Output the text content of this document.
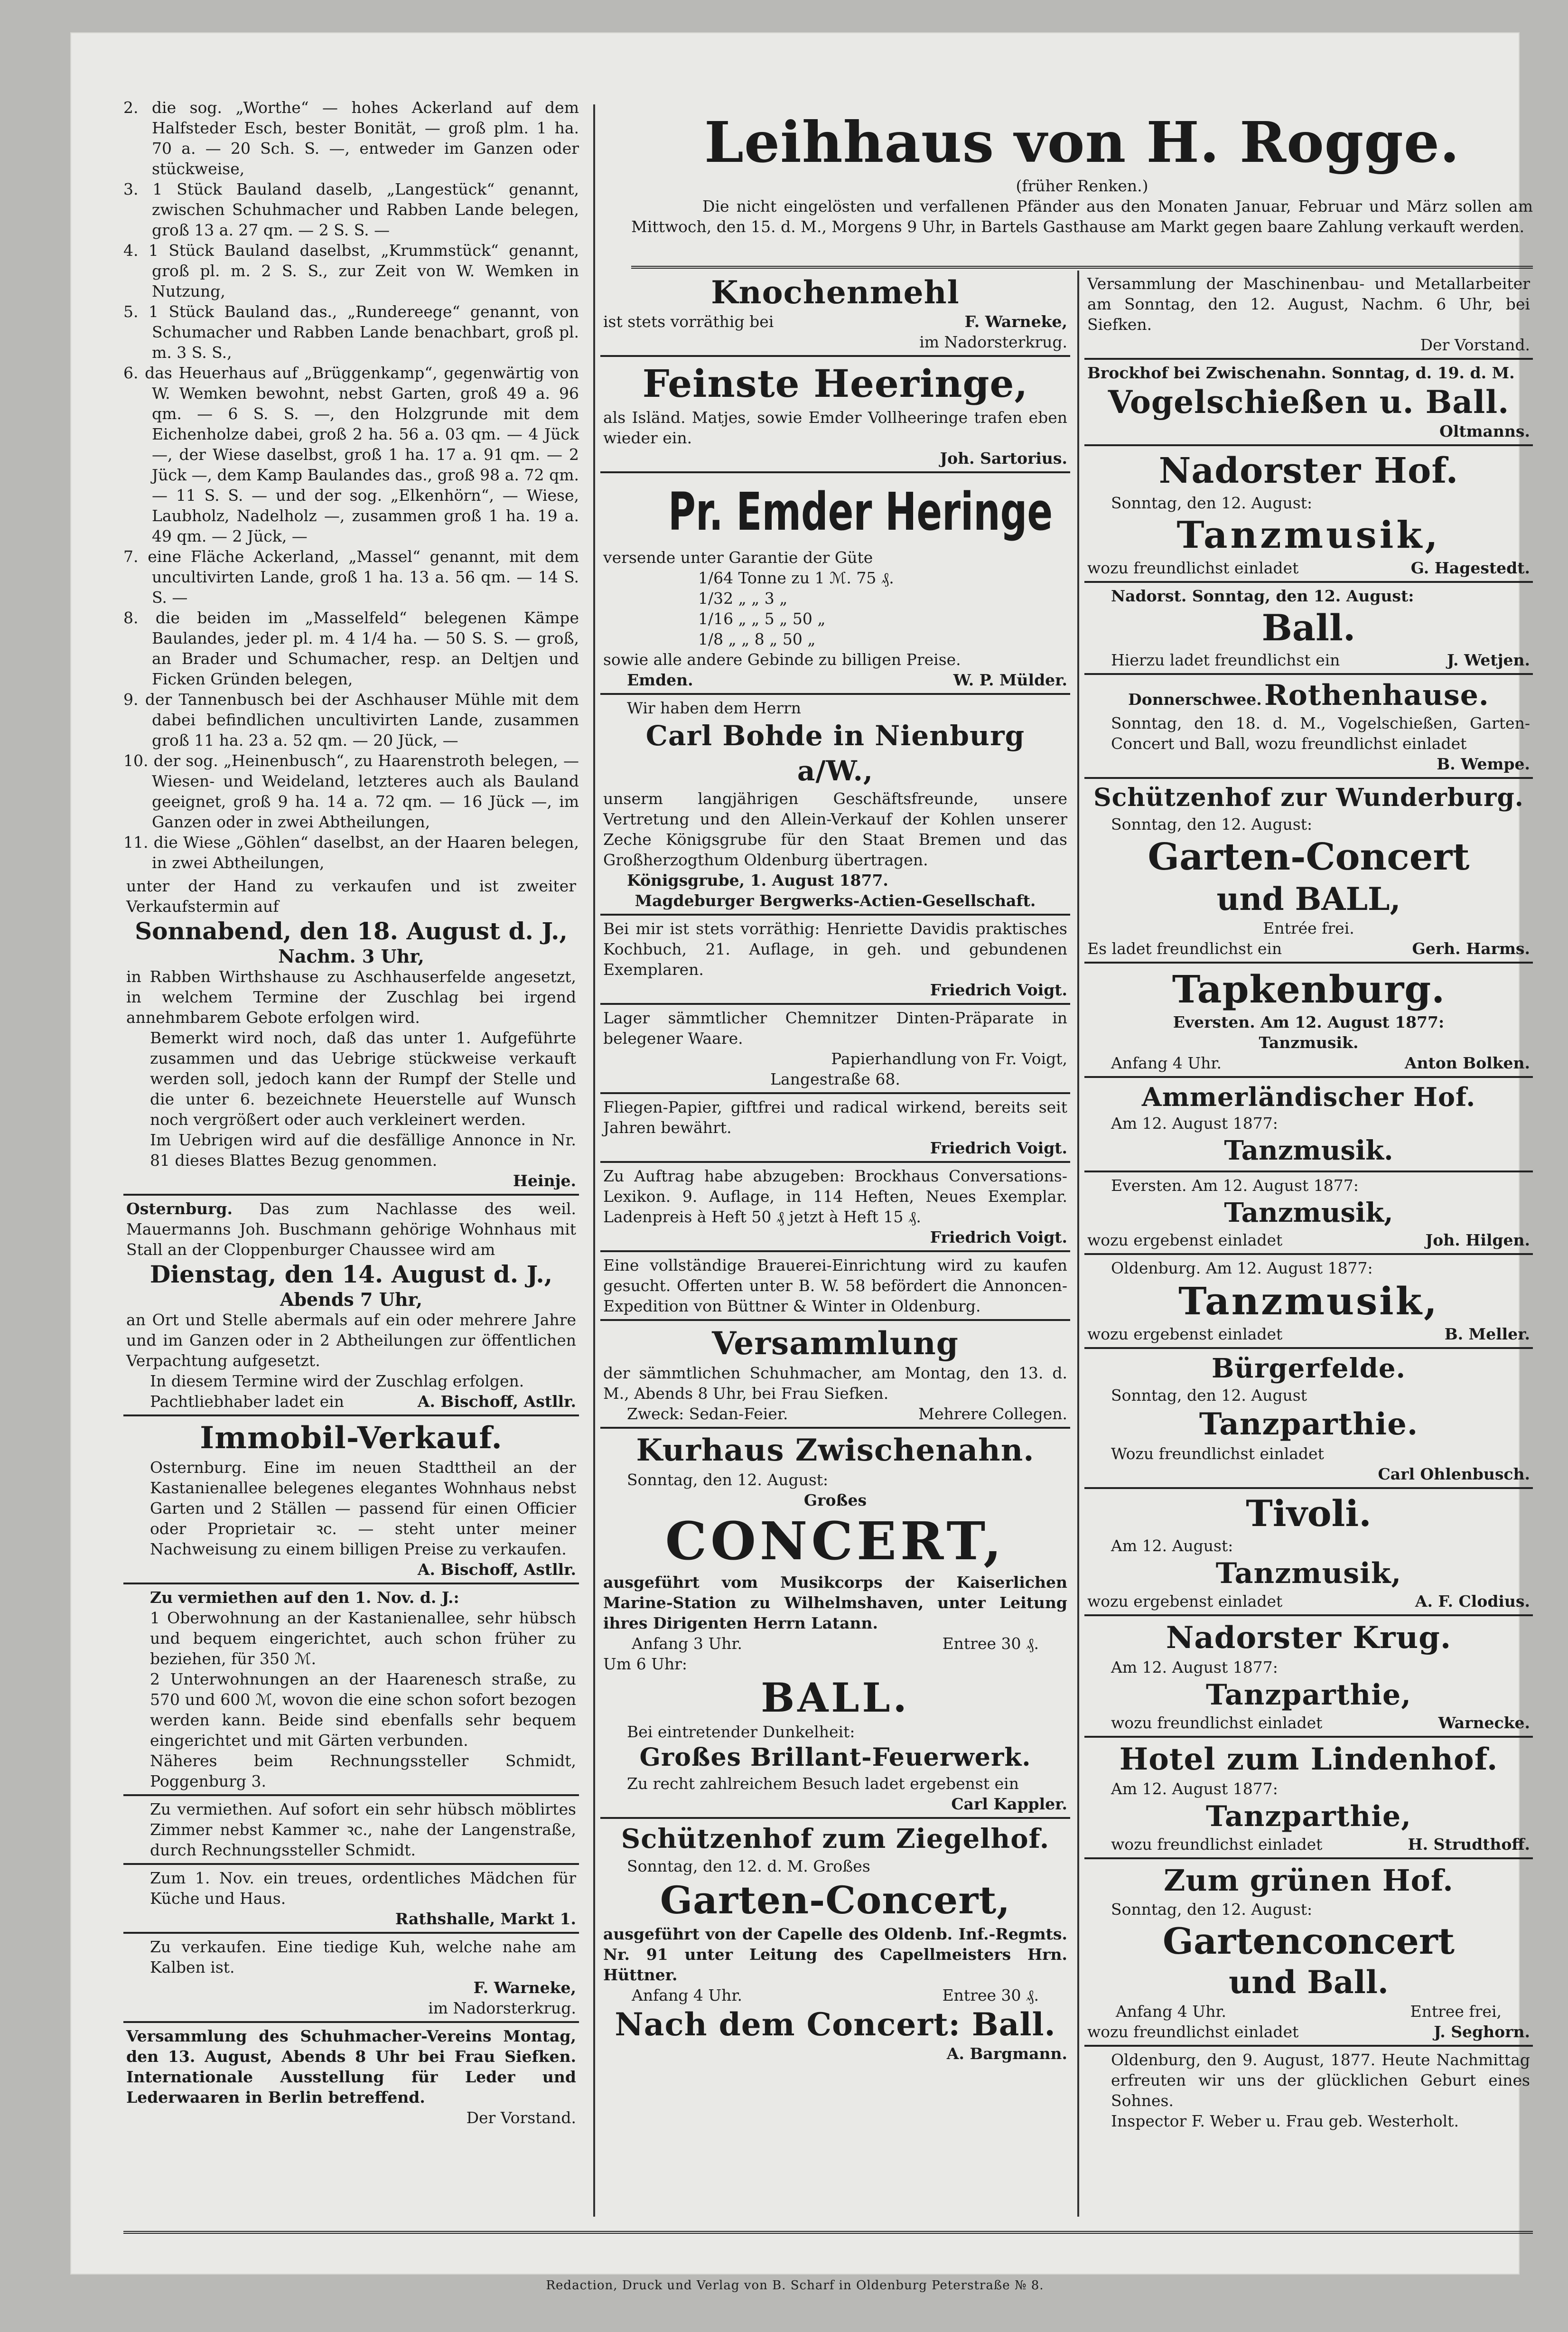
Leihhaus von H. Rogge.

(früher Renken.)

Die nicht eingelösten und verfallenen Pfänder aus den Monaten Januar, Februar und März sollen am Mittwoch, den 15. d. M., Morgens 9 Uhr, in Bartels Gasthause am Markt gegen baare Zahlung verkauft werden.

2. die sog. „Worthe“ — hohes Ackerland auf dem Halfsteder Esch, bester Bonität, — groß plm. 1 ha. 70 a. — 20 Sch. S. —, entweder im Ganzen oder stückweise,

3. 1 Stück Bauland daselb, „Langestück“ genannt, zwischen Schuhmacher und Rabben Lande belegen, groß 13 a. 27 qm. — 2 S. S. —

4. 1 Stück Bauland daselbst, „Krummstück“ genannt, groß pl. m. 2 S. S., zur Zeit von W. Wemken in Nutzung,

5. 1 Stück Bauland das., „Rundereege“ genannt, von Schumacher und Rabben Lande benachbart, groß pl. m. 3 S. S.,

6. das Heuerhaus auf „Brüggenkamp“, gegenwärtig von W. Wemken bewohnt, nebst Garten, groß 49 a. 96 qm. — 6 S. S. —, den Holzgrunde mit dem Eichenholze dabei, groß 2 ha. 56 a. 03 qm. — 4 Jück —, der Wiese daselbst, groß 1 ha. 17 a. 91 qm. — 2 Jück —, dem Kamp Baulandes das., groß 98 a. 72 qm. — 11 S. S. — und der sog. „Elkenhörn“, — Wiese, Laubholz, Nadelholz —, zusammen groß 1 ha. 19 a. 49 qm. — 2 Jück, —

7. eine Fläche Ackerland, „Massel“ genannt, mit dem uncultivirten Lande, groß 1 ha. 13 a. 56 qm. — 14 S. S. —

8. die beiden im „Masselfeld“ belegenen Kämpe Baulandes, jeder pl. m. 4 1/4 ha. — 50 S. S. — groß, an Brader und Schumacher, resp. an Deltjen und Ficken Gründen belegen,

9. der Tannenbusch bei der Aschhauser Mühle mit dem dabei befindlichen uncultivirten Lande, zusammen groß 11 ha. 23 a. 52 qm. — 20 Jück, —

10. der sog. „Heinenbusch“, zu Haarenstroth belegen, — Wiesen- und Weideland, letzteres auch als Bauland geeignet, groß 9 ha. 14 a. 72 qm. — 16 Jück —, im Ganzen oder in zwei Abtheilungen,

11. die Wiese „Göhlen“ daselbst, an der Haaren belegen, in zwei Abtheilungen,

unter der Hand zu verkaufen und ist zweiter Verkaufstermin auf

Sonnabend, den 18. August d. J.,

Nachm. 3 Uhr,

in Rabben Wirthshause zu Aschhauserfelde angesetzt, in welchem Termine der Zuschlag bei irgend annehmbarem Gebote erfolgen wird.

Bemerkt wird noch, daß das unter 1. Aufgeführte zusammen und das Uebrige stückweise verkauft werden soll, jedoch kann der Rumpf der Stelle und die unter 6. bezeichnete Heuerstelle auf Wunsch noch vergrößert oder auch verkleinert werden.

Im Uebrigen wird auf die desfällige Annonce in Nr. 81 dieses Blattes Bezug genommen.

Heinje.

Osternburg. Das zum Nachlasse des weil. Mauermanns Joh. Buschmann gehörige Wohnhaus mit Stall an der Cloppenburger Chaussee wird am

Dienstag, den 14. August d. J.,

Abends 7 Uhr,

an Ort und Stelle abermals auf ein oder mehrere Jahre und im Ganzen oder in 2 Abtheilungen zur öffentlichen Verpachtung aufgesetzt.

In diesem Termine wird der Zuschlag erfolgen.

Pachtliebhaber ladet ein	A. Bischoff, Astllr.

Immobil-Verkauf.

Osternburg. Eine im neuen Stadttheil an der Kastanienallee belegenes elegantes Wohnhaus nebst Garten und 2 Ställen — passend für einen Officier oder Proprietair ꝛc. — steht unter meiner Nachweisung zu einem billigen Preise zu verkaufen.

A. Bischoff, Astllr.

Zu vermiethen auf den 1. Nov. d. J.:

1 Oberwohnung an der Kastanienallee, sehr hübsch und bequem eingerichtet, auch schon früher zu beziehen, für 350 ℳ.

2 Unterwohnungen an der Haarenesch straße, zu 570 und 600 ℳ, wovon die eine schon sofort bezogen werden kann. Beide sind ebenfalls sehr bequem eingerichtet und mit Gärten verbunden.

Näheres beim Rechnungssteller Schmidt, Poggenburg 3.

Zu vermiethen. Auf sofort ein sehr hübsch möblirtes Zimmer nebst Kammer ꝛc., nahe der Langenstraße, durch Rechnungssteller Schmidt.

Zum 1. Nov. ein treues, ordentliches Mädchen für Küche und Haus.

Rathshalle, Markt 1.

Zu verkaufen. Eine tiedige Kuh, welche nahe am Kalben ist.

F. Warneke,

im Nadorsterkrug.

Versammlung des Schuhmacher-Vereins Montag, den 13. August, Abends 8 Uhr bei Frau Siefken. Internationale Ausstellung für Leder und Lederwaaren in Berlin betreffend.

Der Vorstand.

Knochenmehl

ist stets vorräthig bei	F. Warneke,

im Nadorsterkrug.

Feinste Heeringe,

als Isländ. Matjes, sowie Emder Vollheeringe trafen eben wieder ein.

Joh. Sartorius.

Pr. Emder Heringe

versende unter Garantie der Güte

1/64 Tonne zu 1 ℳ. 75 ₰.

1/32 „ „ 3 „

1/16 „ „ 5 „ 50 „

1/8 „ „ 8 „ 50 „

sowie alle andere Gebinde zu billigen Preise.

Emden.	W. P. Mülder.

Wir haben dem Herrn

Carl Bohde in Nienburg a/W.,

unserm langjährigen Geschäftsfreunde, unsere Vertretung und den Allein-Verkauf der Kohlen unserer Zeche Königsgrube für den Staat Bremen und das Großherzogthum Oldenburg übertragen.

Königsgrube, 1. August 1877.

Magdeburger Bergwerks-Actien-Gesellschaft.

Bei mir ist stets vorräthig: Henriette Davidis praktisches Kochbuch, 21. Auflage, in geh. und gebundenen Exemplaren.

Friedrich Voigt.

Lager sämmtlicher Chemnitzer Dinten-Präparate in belegener Waare.

Papierhandlung von Fr. Voigt,

Langestraße 68.

Fliegen-Papier, giftfrei und radical wirkend, bereits seit Jahren bewährt.

Friedrich Voigt.

Zu Auftrag habe abzugeben: Brockhaus Conversations-Lexikon. 9. Auflage, in 114 Heften, Neues Exemplar. Ladenpreis à Heft 50 ₰ jetzt à Heft 15 ₰.

Friedrich Voigt.

Eine vollständige Brauerei-Einrichtung wird zu kaufen gesucht. Offerten unter B. W. 58 befördert die Annoncen-Expedition von Büttner & Winter in Oldenburg.

Versammlung

der sämmtlichen Schuhmacher, am Montag, den 13. d. M., Abends 8 Uhr, bei Frau Siefken.

Zweck: Sedan-Feier.	Mehrere Collegen.

Kurhaus Zwischenahn.

Sonntag, den 12. August:

Großes

CONCERT,

ausgeführt vom Musikcorps der Kaiserlichen Marine-Station zu Wilhelmshaven, unter Leitung ihres Dirigenten Herrn Latann.

Anfang 3 Uhr.	Entree 30 ₰.

Um 6 Uhr:

BALL.

Bei eintretender Dunkelheit:

Großes Brillant-Feuerwerk.

Zu recht zahlreichem Besuch ladet ergebenst ein

Carl Kappler.

Schützenhof zum Ziegelhof.

Sonntag, den 12. d. M. Großes

Garten-Concert,

ausgeführt von der Capelle des Oldenb. Inf.-Regmts. Nr. 91 unter Leitung des Capellmeisters Hrn. Hüttner.

Anfang 4 Uhr.	Entree 30 ₰.

Nach dem Concert: Ball.

A. Bargmann.

Versammlung der Maschinenbau- und Metallarbeiter am Sonntag, den 12. August, Nachm. 6 Uhr, bei Siefken.

Der Vorstand.

Brockhof bei Zwischenahn. Sonntag, d. 19. d. M.

Vogelschießen u. Ball.

Oltmanns.

Nadorster Hof.

Sonntag, den 12. August:

Tanzmusik,

wozu freundlichst einladet	G. Hagestedt.

Nadorst. Sonntag, den 12. August:

Ball.

Hierzu ladet freundlichst ein	J. Wetjen.

Donnerschwee. Rothenhause.

Sonntag, den 18. d. M., Vogelschießen, Garten-Concert und Ball, wozu freundlichst einladet

B. Wempe.

Schützenhof zur Wunderburg.

Sonntag, den 12. August:

Garten-Concert

und BALL,

Entrée frei.

Es ladet freundlichst ein	Gerh. Harms.

Tapkenburg.

Eversten. Am 12. August 1877:

Tanzmusik.

Anfang 4 Uhr.	Anton Bolken.

Ammerländischer Hof.

Am 12. August 1877:

Tanzmusik.

Eversten. Am 12. August 1877:

Tanzmusik,

wozu ergebenst einladet	Joh. Hilgen.

Oldenburg. Am 12. August 1877:

Tanzmusik,

wozu ergebenst einladet	B. Meller.

Bürgerfelde.

Sonntag, den 12. August

Tanzparthie.

Wozu freundlichst einladet

Carl Ohlenbusch.

Tivoli.

Am 12. August:

Tanzmusik,

wozu ergebenst einladet	A. F. Clodius.

Nadorster Krug.

Am 12. August 1877:

Tanzparthie,

wozu freundlichst einladet	Warnecke.

Hotel zum Lindenhof.

Am 12. August 1877:

Tanzparthie,

wozu freundlichst einladet	H. Strudthoff.

Zum grünen Hof.

Sonntag, den 12. August:

Gartenconcert

und Ball.

Anfang 4 Uhr.	Entree frei,

wozu freundlichst einladet	J. Seghorn.

Oldenburg, den 9. August, 1877. Heute Nachmittag erfreuten wir uns der glücklichen Geburt eines Sohnes.

Inspector F. Weber u. Frau geb. Westerholt.

Redaction, Druck und Verlag von B. Scharf in Oldenburg Peterstraße № 8.
